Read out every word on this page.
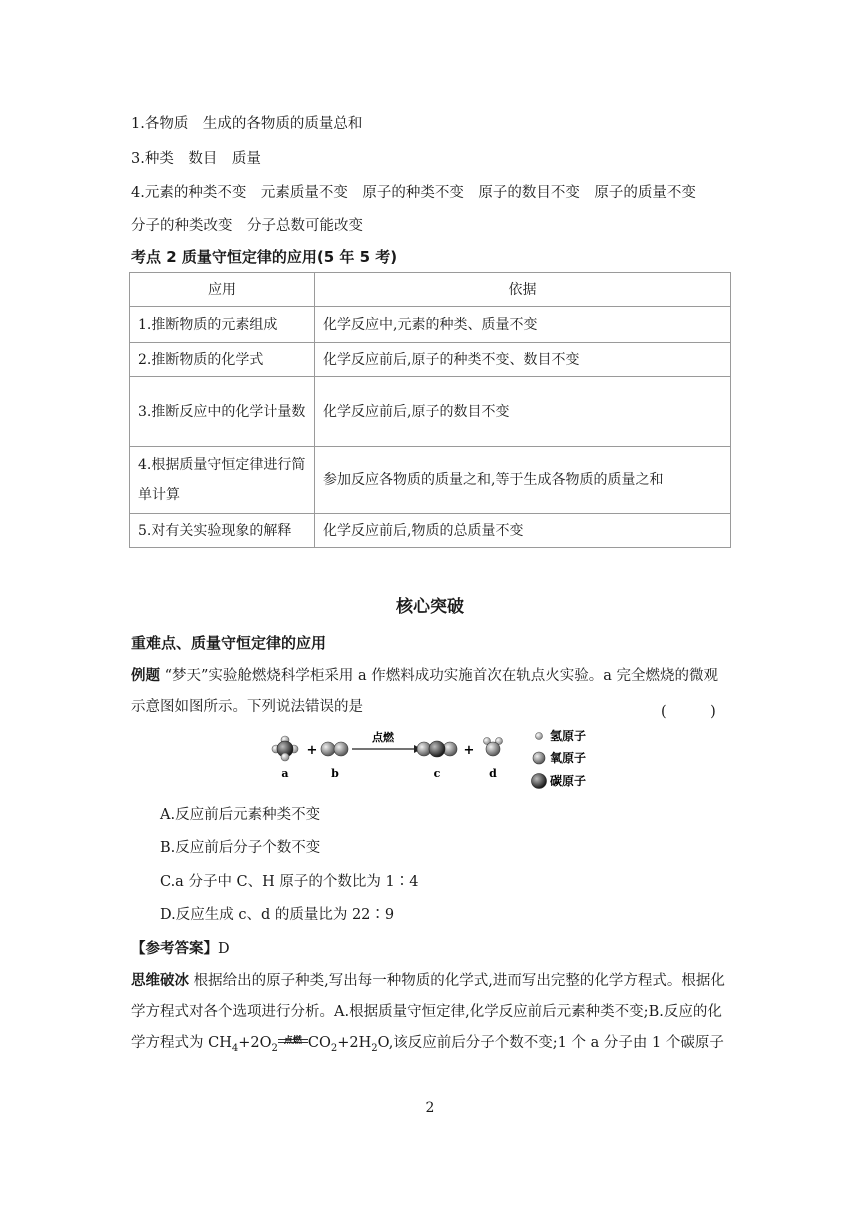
1.各物质　生成的各物质的质量总和
3.种类　数目　质量
4.元素的种类不变　元素质量不变　原子的种类不变　原子的数目不变　原子的质量不变
分子的种类改变　分子总数可能改变
考点 2 质量守恒定律的应用(5 年 5 考)
应用	依据
1.推断物质的元素组成	化学反应中,元素的种类、质量不变
2.推断物质的化学式	化学反应前后,原子的种类不变、数目不变
3.推断反应中的化学计量数	化学反应前后,原子的数目不变
4.根据质量守恒定律进行简单计算	参加反应各物质的质量之和,等于生成各物质的质量之和
5.对有关实验现象的解释	化学反应前后,物质的总质量不变
核心突破
重难点、质量守恒定律的应用
例题 “梦天”实验舱燃烧科学柜采用 a 作燃料成功实施首次在轨点火实验。a 完全燃烧的微观示意图如图所示。下列说法错误的是	(　　　)
a
+
b
点燃
c
+
d
氢原子
氧原子
碳原子
A.反应前后元素种类不变
B.反应前后分子个数不变
C.a 分子中 C、H 原子的个数比为 1∶4
D.反应生成 c、d 的质量比为 22∶9
【参考答案】D
思维破冰 根据给出的原子种类,写出每一种物质的化学式,进而写出完整的化学方程式。根据化学方程式对各个选项进行分析。A.根据质量守恒定律,化学反应前后元素种类不变;B.反应的化学方程式为 $CH_4+2O_2$
点燃 $CO_2+2H_2O$,该反应前后分子个数不变;1 个 a 分子由 1 个碳原子
2
